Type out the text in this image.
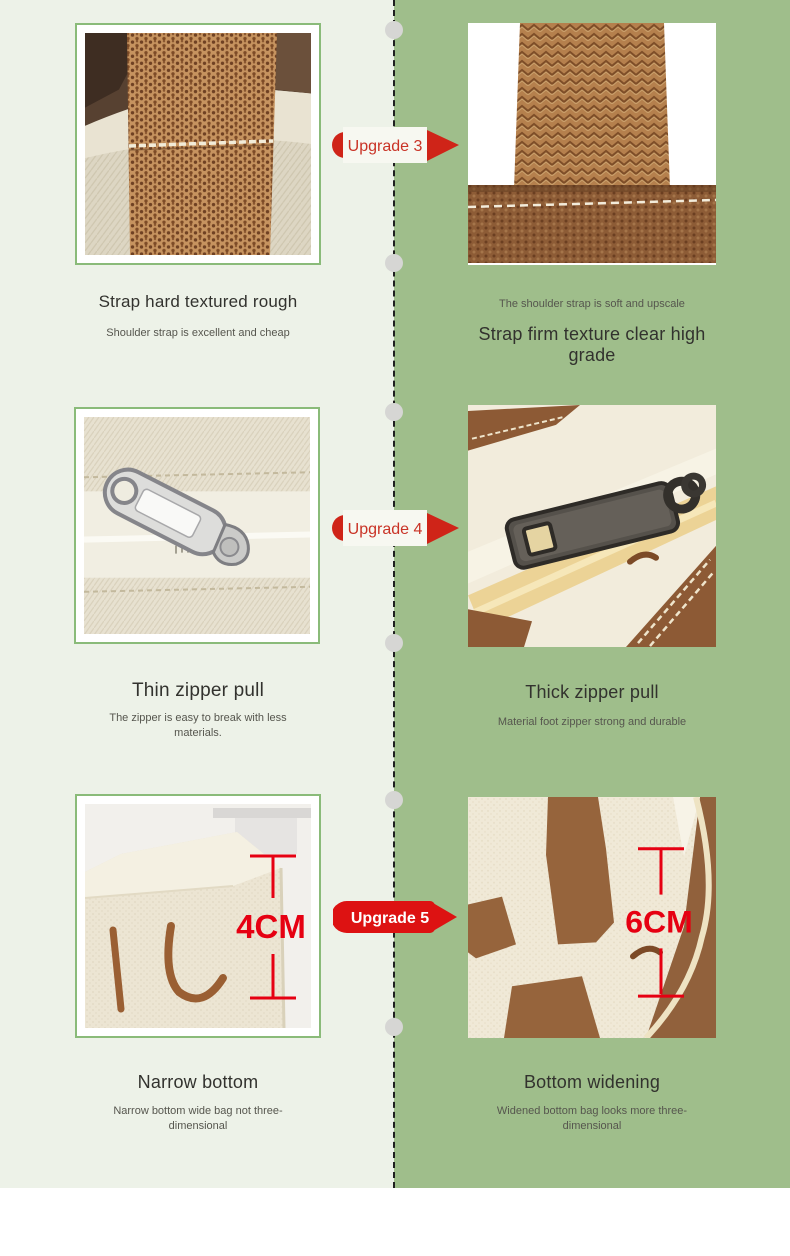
Upgrade 3
Strap hard textured rough
Shoulder strap is excellent and cheap
The shoulder strap is soft and upscale
Strap firm texture clear high grade
Upgrade 4
Thin zipper pull
The zipper is easy to break with less materials.
Thick zipper pull
Material foot zipper strong and durable
4CM	6CM
Upgrade 5
Narrow bottom
Narrow bottom wide bag not three-dimensional
Bottom widening
Widened bottom bag looks more three-dimensional
